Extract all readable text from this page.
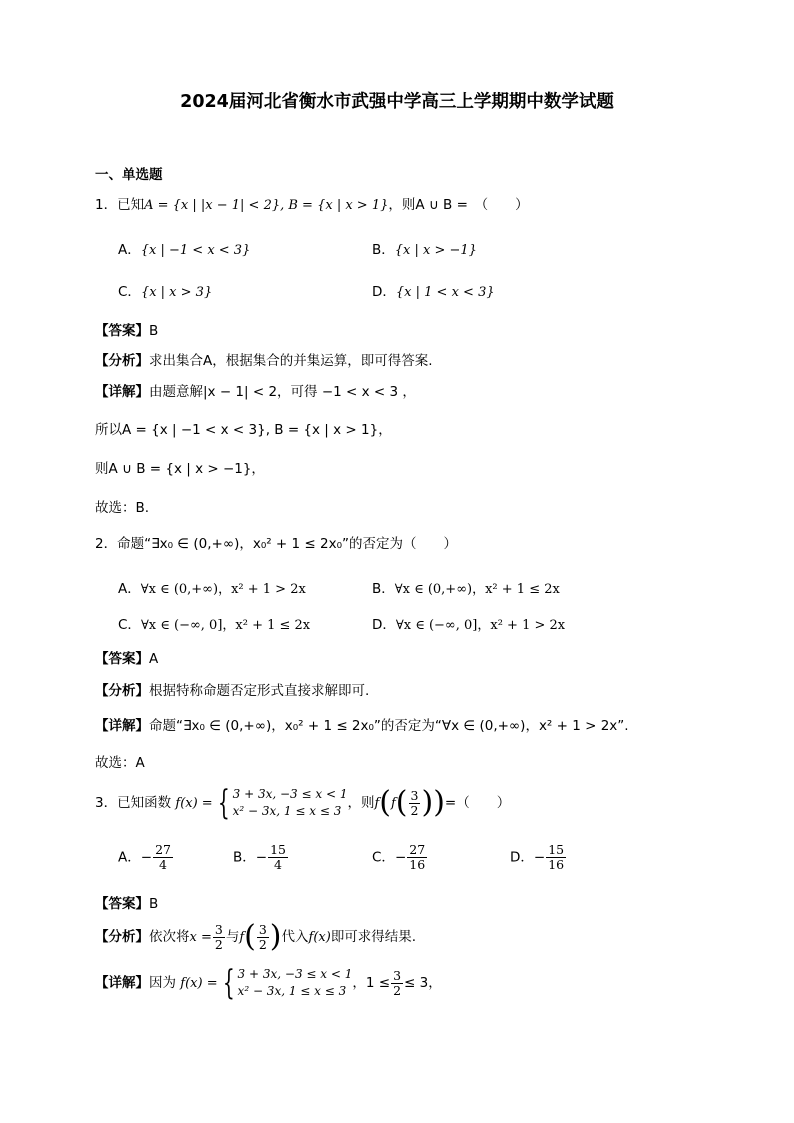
2024届河北省衡水市武强中学高三上学期期中数学试题
一、单选题
1．已知A = {x | |x − 1| < 2}, B = {x | x > 1}，则A ∪ B =　（　　）
A．{x | −1 < x < 3}	B．{x | x > −1}
C．{x | x > 3}	D．{x | 1 < x < 3}
【答案】B
【分析】求出集合A，根据集合的并集运算，即可得答案.
【详解】由题意解|x − 1| < 2，可得 −1 < x < 3 ，
所以A = {x | −1 < x < 3}, B = {x | x > 1}，
则A ∪ B = {x | x > −1}，
故选：B.
2．命题“∃x₀ ∈ (0,+∞)，x₀² + 1 ≤ 2x₀”的否定为（　　）
A．∀x ∈ (0,+∞)，x² + 1 > 2x	B．∀x ∈ (0,+∞)，x² + 1 ≤ 2x
C．∀x ∈ (−∞, 0]，x² + 1 ≤ 2x	D．∀x ∈ (−∞, 0]，x² + 1 > 2x
【答案】A
【分析】根据特称命题否定形式直接求解即可.
【详解】命题“∃x₀ ∈ (0,+∞)，x₀² + 1 ≤ 2x₀”的否定为“∀x ∈ (0,+∞)，x² + 1 > 2x”.
故选：A
3．已知函数 f(x) = { 3 + 3x, −3 ≤ x < 1
x² − 3x, 1 ≤ x ≤ 3 ，则$f(f( \frac{3}{2}$ ))=（　　）
A．− $\frac{27}{4}$	B．− $\frac{15}{4}$	C．− $\frac{27}{16}$	D．− $\frac{15}{16}$
【答案】B
【分析】依次将$x = \frac{3}{2}$ 与$f( \frac{3}{2}$ )代入f(x)即可求得结果.
【详解】因为 f(x) = { 3 + 3x, −3 ≤ x < 1
x² − 3x, 1 ≤ x ≤ 3 ，$1 \le \frac{3}{2} \le 3$，
